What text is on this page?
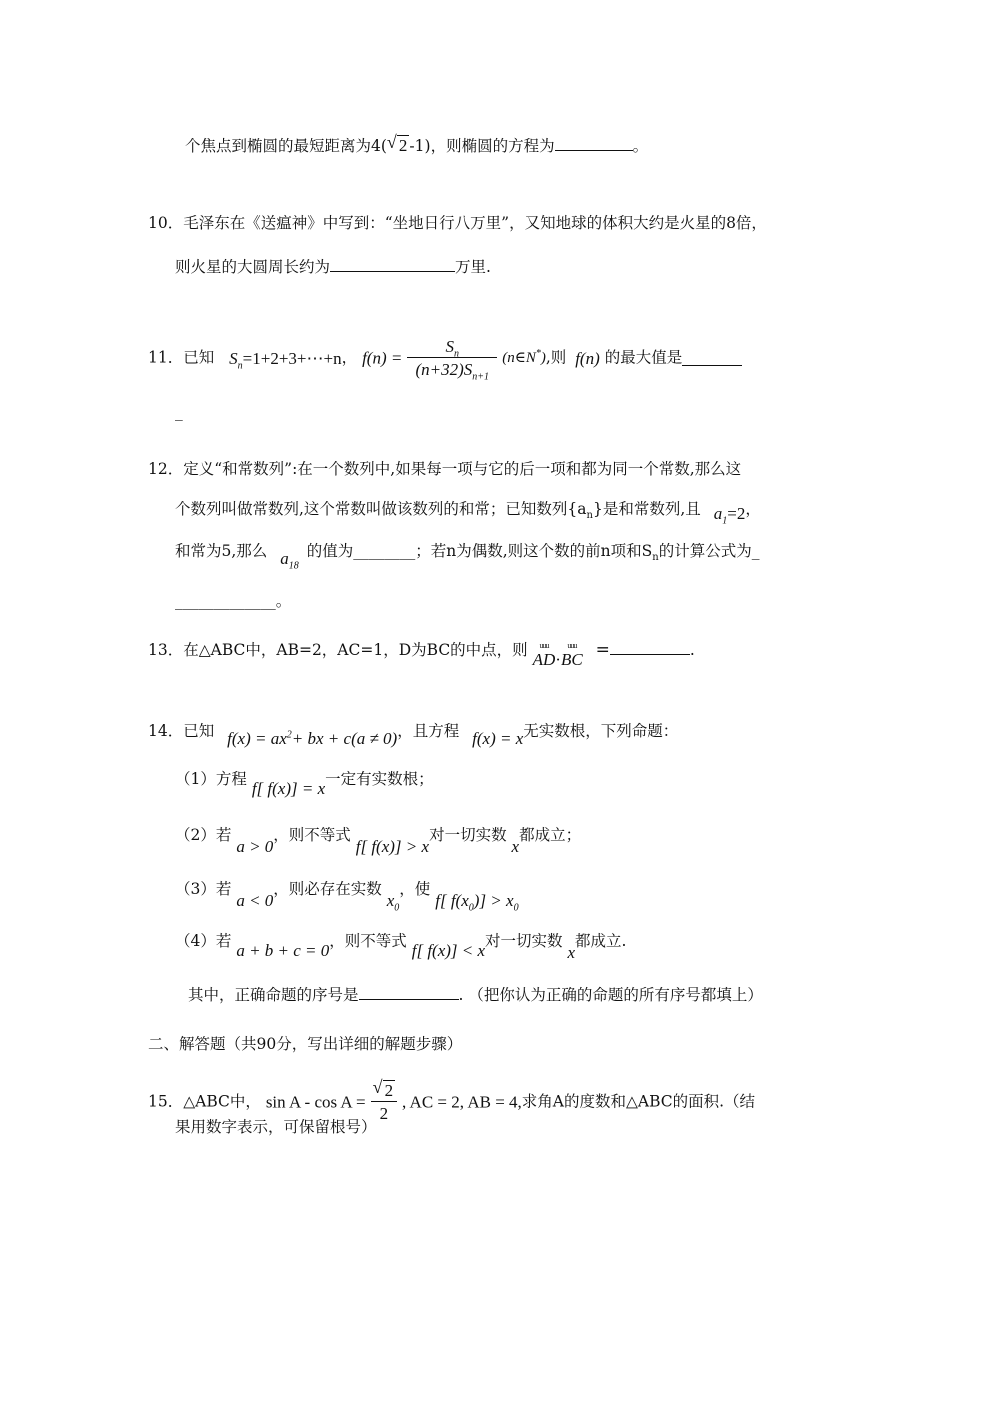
个焦点到椭圆的最短距离为4( √ 2 -1)，则椭圆的方程为	。
10．毛泽东在《送瘟神》中写到：“坐地日行八万里”，又知地球的体积大约是火星的8倍，
则火星的大圆周长约为	万里.
11．已知 $S_n=1+2+3+\cdots+n$， $f(n) = \frac{S_n}{(n+32)S_{n+1}}$ (n∈N*),则 f(n) 的最大值是
_
12．定义“和常数列”:在一个数列中,如果每一项与它的后一项和都为同一个常数,那么这
个数列叫做常数列,这个常数叫做该数列的和常；已知数列$\{a_n\}$是和常数列,且 $a_1=2$，
和常为5,那么 $a_{18}$的值为________；若n为偶数,则这个数的前n项和$S_n$的计算公式为_
_____________。
13．在△ABC中，AB=2，AC=1，D为BC的中点，则	uuu
AD·
uuu
BC =	.
14．已知 $f(x) = ax^2+$ bx + c(a ≠ 0)，且方程 f(x) = x无实数根，下列命题：
（1）方程 f[ f(x)] = x一定有实数根；
（2）若 a > 0，则不等式 f[ f(x)] > x对一切实数 x都成立；
（3）若 a < 0，则必存在实数 $x_0$，使 f[ $f(x_0)] > x_0$
（4）若 a + b + c = 0，则不等式 f[ f(x)] < x对一切实数 x都成立.
其中，正确命题的序号是	. （把你认为正确的命题的所有序号都填上）
二、解答题（共90分，写出详细的解题步骤）
15．△ABC中， $\sin A - \cos A = \frac{√ 2}{2}$ , AC = 2, AB = 4,求角A的度数和△ABC的面积.（结
果用数字表示，可保留根号）
